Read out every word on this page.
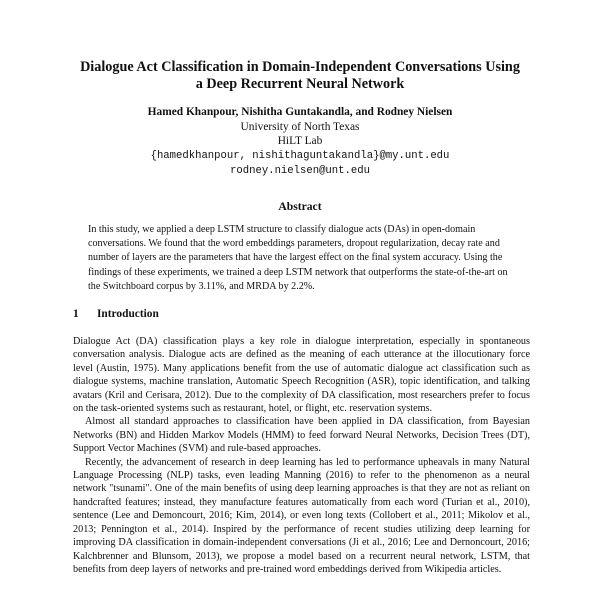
Dialogue Act Classification in Domain-Independent Conversations Using
a Deep Recurrent Neural Network
Hamed Khanpour, Nishitha Guntakandla, and Rodney Nielsen
University of North Texas
HiLT Lab
{hamedkhanpour, nishithaguntakandla}@my.unt.edu
rodney.nielsen@unt.edu
Abstract
In this study, we applied a deep LSTM structure to classify dialogue acts (DAs) in open-domain conversations. We found that the word embeddings parameters, dropout regularization, decay rate and number of layers are the parameters that have the largest effect on the final system accuracy. Using the findings of these experiments, we trained a deep LSTM network that outperforms the state-of-the-art on the Switchboard corpus by 3.11%, and MRDA by 2.2%.
1 Introduction

Dialogue Act (DA) classification plays a key role in dialogue interpretation, especially in spontaneous conversation analysis. Dialogue acts are defined as the meaning of each utterance at the illocutionary force level (Austin, 1975). Many applications benefit from the use of automatic dialogue act classification such as dialogue systems, machine translation, Automatic Speech Recognition (ASR), topic identification, and talking avatars (Kril and Cerisara, 2012). Due to the complexity of DA classification, most researchers prefer to focus on the task-oriented systems such as restaurant, hotel, or flight, etc. reservation systems.

Almost all standard approaches to classification have been applied in DA classification, from Bayesian Networks (BN) and Hidden Markov Models (HMM) to feed forward Neural Networks, Decision Trees (DT), Support Vector Machines (SVM) and rule-based approaches.

Recently, the advancement of research in deep learning has led to performance upheavals in many Natural Language Processing (NLP) tasks, even leading Manning (2016) to refer to the phenomenon as a neural network "tsunami". One of the main benefits of using deep learning approaches is that they are not as reliant on handcrafted features; instead, they manufacture features automatically from each word (Turian et al., 2010), sentence (Lee and Demoncourt, 2016; Kim, 2014), or even long texts (Collobert et al., 2011; Mikolov et al., 2013; Pennington et al., 2014). Inspired by the performance of recent studies utilizing deep learning for improving DA classification in domain-independent conversations (Ji et al., 2016; Lee and Dernoncourt, 2016; Kalchbrenner and Blunsom, 2013), we propose a model based on a recurrent neural network, LSTM, that benefits from deep layers of networks and pre-trained word embeddings derived from Wikipedia articles.
